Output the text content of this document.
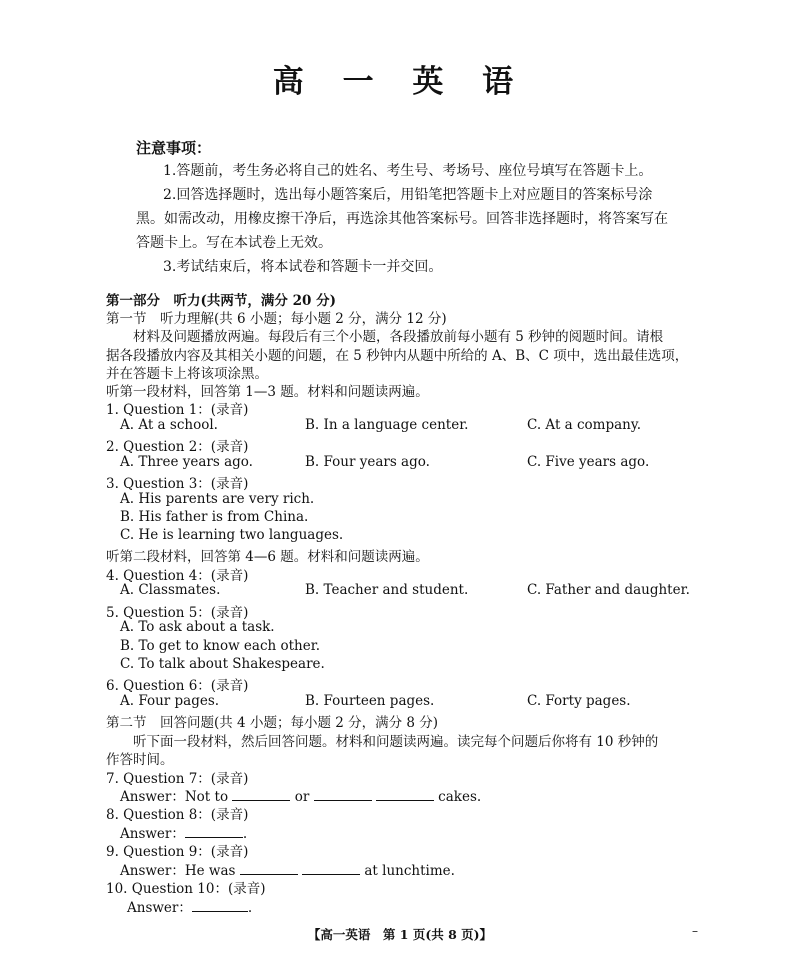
高 一 英 语
注意事项：
1.答题前，考生务必将自己的姓名、考生号、考场号、座位号填写在答题卡上。
2.回答选择题时，选出每小题答案后，用铅笔把答题卡上对应题目的答案标号涂
黑。如需改动，用橡皮擦干净后，再选涂其他答案标号。回答非选择题时，将答案写在
答题卡上。写在本试卷上无效。
3.考试结束后，将本试卷和答题卡一并交回。
第一部分　听力(共两节，满分 20 分)
第一节　听力理解(共 6 小题；每小题 2 分，满分 12 分)
材料及问题播放两遍。每段后有三个小题，各段播放前每小题有 5 秒钟的阅题时间。请根
据各段播放内容及其相关小题的问题，在 5 秒钟内从题中所给的 A、B、C 项中，选出最佳选项，
并在答题卡上将该项涂黑。
听第一段材料，回答第 1—3 题。材料和问题读两遍。
1. Question 1：(录音)
A. At a school.	B. In a language center.	C. At a company.
2. Question 2：(录音)
A. Three years ago.	B. Four years ago.	C. Five years ago.
3. Question 3：(录音)
A. His parents are very rich.
B. His father is from China.
C. He is learning two languages.
听第二段材料，回答第 4—6 题。材料和问题读两遍。
4. Question 4：(录音)
A. Classmates.	B. Teacher and student.	C. Father and daughter.
5. Question 5：(录音)
A. To ask about a task.
B. To get to know each other.
C. To talk about Shakespeare.
6. Question 6：(录音)
A. Four pages.	B. Fourteen pages.	C. Forty pages.
第二节　回答问题(共 4 小题；每小题 2 分，满分 8 分)
听下面一段材料，然后回答问题。材料和问题读两遍。读完每个问题后你将有 10 秒钟的
作答时间。
7. Question 7：(录音)
Answer：Not to	or	cakes.
8. Question 8：(录音)
Answer：	.
9. Question 9：(录音)
Answer：He was	at lunchtime.
10. Question 10：(录音)
Answer：	.
【高一英语　第 1 页(共 8 页)】	–
